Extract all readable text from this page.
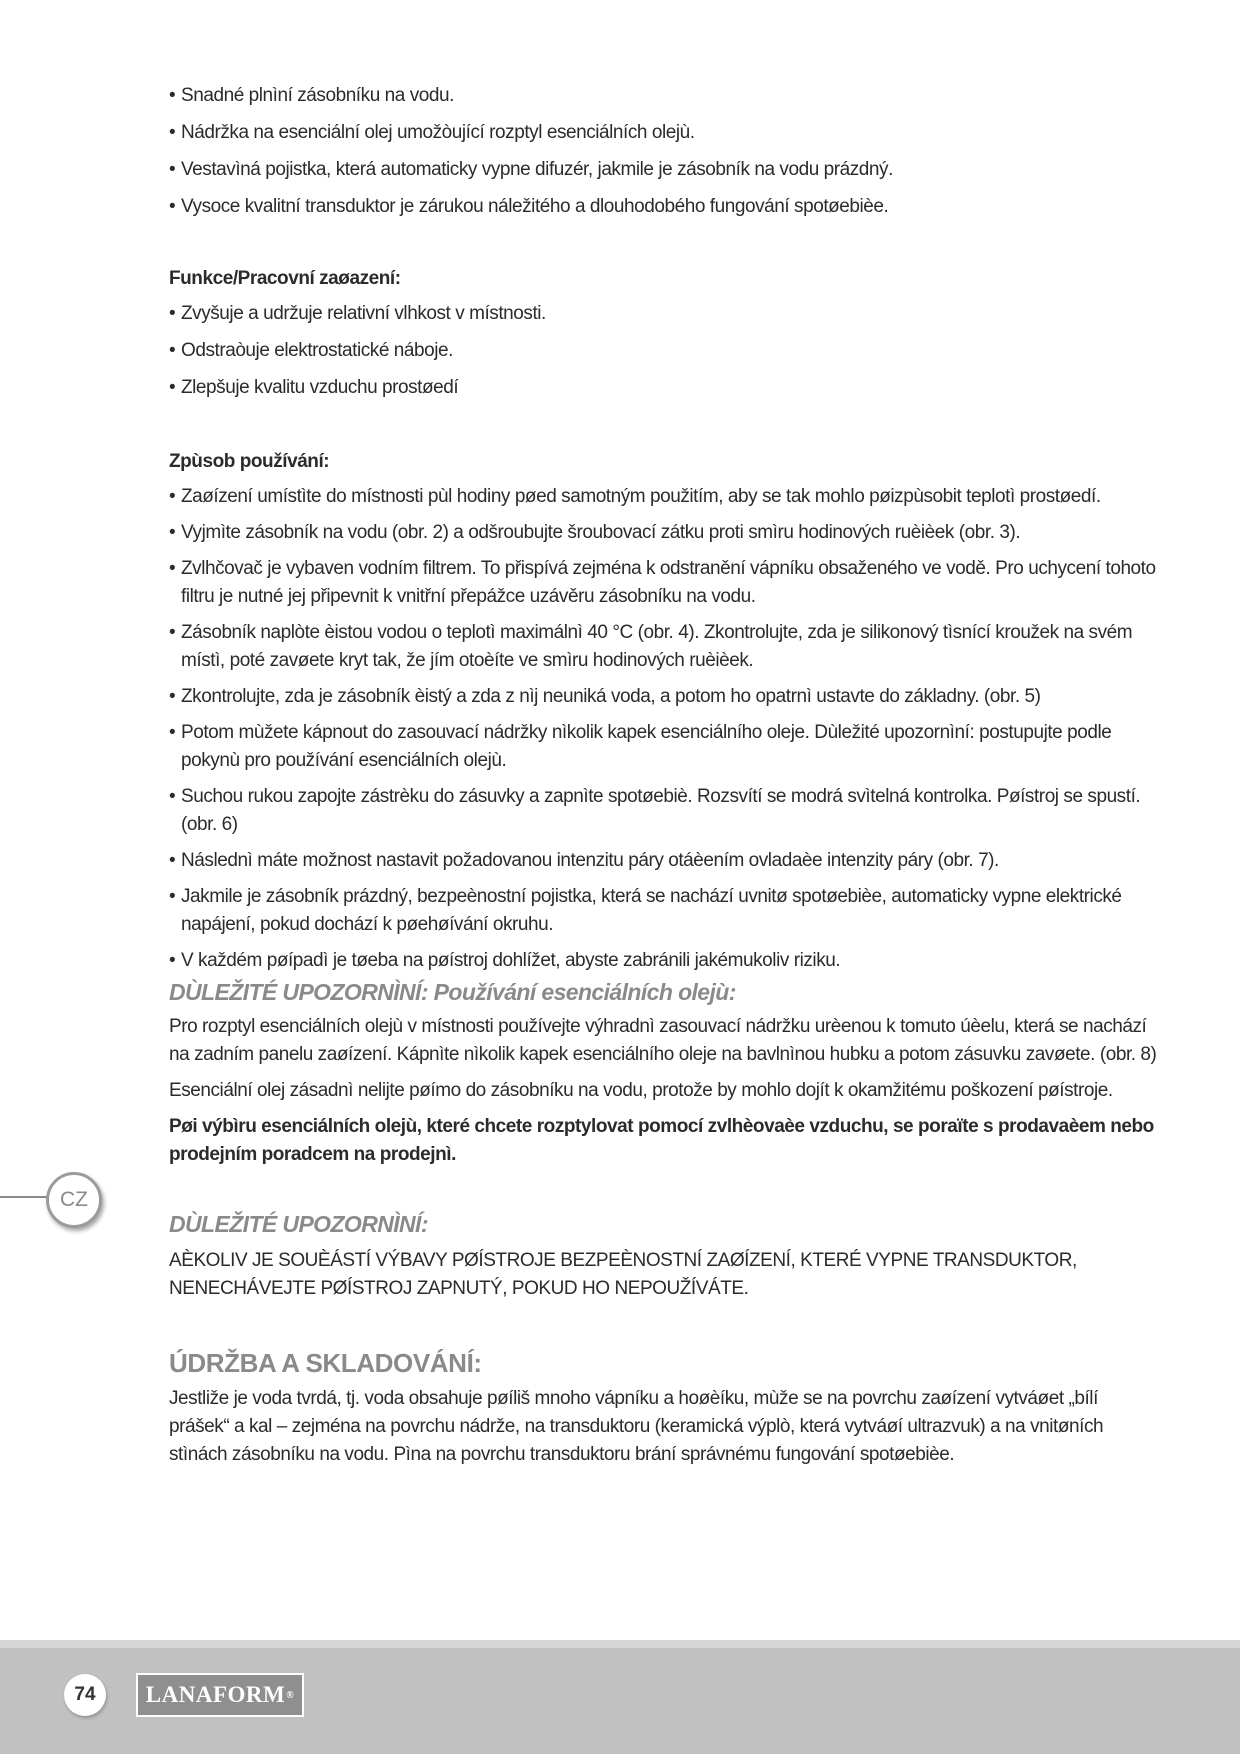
• Snadné plnìní zásobníku na vodu.
• Nádržka na esenciální olej umožòující rozptyl esenciálních olejù.
• Vestavìná pojistka, která automaticky vypne difuzér, jakmile je zásobník na vodu prázdný.
• Vysoce kvalitní transduktor je zárukou náležitého a dlouhodobého fungování spotøebièe.
Funkce/Pracovní zaøazení:
• Zvyšuje a udržuje relativní vlhkost v místnosti.
• Odstraòuje elektrostatické náboje.
• Zlepšuje kvalitu vzduchu prostøedí
Zpùsob používání:
• Zaøízení umístìte do místnosti pùl hodiny pøed samotným použitím, aby se tak mohlo pøizpùsobit teplotì prostøedí.
• Vyjmìte zásobník na vodu (obr. 2) a odšroubujte šroubovací zátku proti smìru hodinových ruèièek (obr. 3).
• Zvlhčovač je vybaven vodním filtrem. To přispívá zejména k odstranění vápníku obsaženého ve vodě. Pro uchycení tohoto filtru je nutné jej připevnit k vnitřní přepážce uzávěru zásobníku na vodu.
• Zásobník naplòte èistou vodou o teplotì maximálnì 40 °C (obr. 4). Zkontrolujte, zda je silikonový tìsnící kroužek na svém místì, poté zavøete kryt tak, že jím otoèíte ve smìru hodinových ruèièek.
• Zkontrolujte, zda je zásobník èistý a zda z nìj neuniká voda, a potom ho opatrnì ustavte do základny. (obr. 5)
• Potom mùžete kápnout do zasouvací nádržky nìkolik kapek esenciálního oleje. Dùležité upozornìní: postupujte podle pokynù pro používání esenciálních olejù.
• Suchou rukou zapojte zástrèku do zásuvky a zapnìte spotøebiè. Rozsvítí se modrá svìtelná kontrolka. Pøístroj se spustí. (obr. 6)
• Následnì máte možnost nastavit požadovanou intenzitu páry otáèením ovladaèe intenzity páry (obr. 7).
• Jakmile je zásobník prázdný, bezpeènostní pojistka, která se nachází uvnitø spotøebièe, automaticky vypne elektrické napájení, pokud dochází k pøehøívání okruhu.
• V každém pøípadì je tøeba na pøístroj dohlížet, abyste zabránili jakémukoliv riziku.
DÙLEŽITÉ UPOZORNÌNÍ: Používání esenciálních olejù:

Pro rozptyl esenciálních olejù v místnosti používejte výhradnì zasouvací nádržku urèenou k tomuto úèelu, která se nachází na zadním panelu zaøízení. Kápnìte nìkolik kapek esenciálního oleje na bavlnìnou hubku a potom zásuvku zavøete. (obr. 8)

Esenciální olej zásadnì nelijte pøímo do zásobníku na vodu, protože by mohlo dojít k okamžitému poškození pøístroje.

Pøi výbìru esenciálních olejù, které chcete rozptylovat pomocí zvlhèovaèe vzduchu, se poraïte s prodavaèem nebo prodejním poradcem na prodejnì.

DÙLEŽITÉ UPOZORNÌNÍ:

AÈKOLIV JE SOUÈÁSTÍ VÝBAVY PØÍSTROJE BEZPEÈNOSTNÍ ZAØÍZENÍ, KTERÉ VYPNE TRANSDUKTOR, NENECHÁVEJTE PØÍSTROJ ZAPNUTÝ, POKUD HO NEPOUŽÍVÁTE.

ÚDRŽBA A SKLADOVÁNÍ:

Jestliže je voda tvrdá, tj. voda obsahuje pøíliš mnoho vápníku a hoøèíku, mùže se na povrchu zaøízení vytváøet „bílí prášek“ a kal – zejména na povrchu nádrže, na transduktoru (keramická výplò, která vytváøí ultrazvuk) a na vnitøních stìnách zásobníku na vodu. Pìna na povrchu transduktoru brání správnému fungování spotøebièe.

CZ
74	LANAFORM ®
